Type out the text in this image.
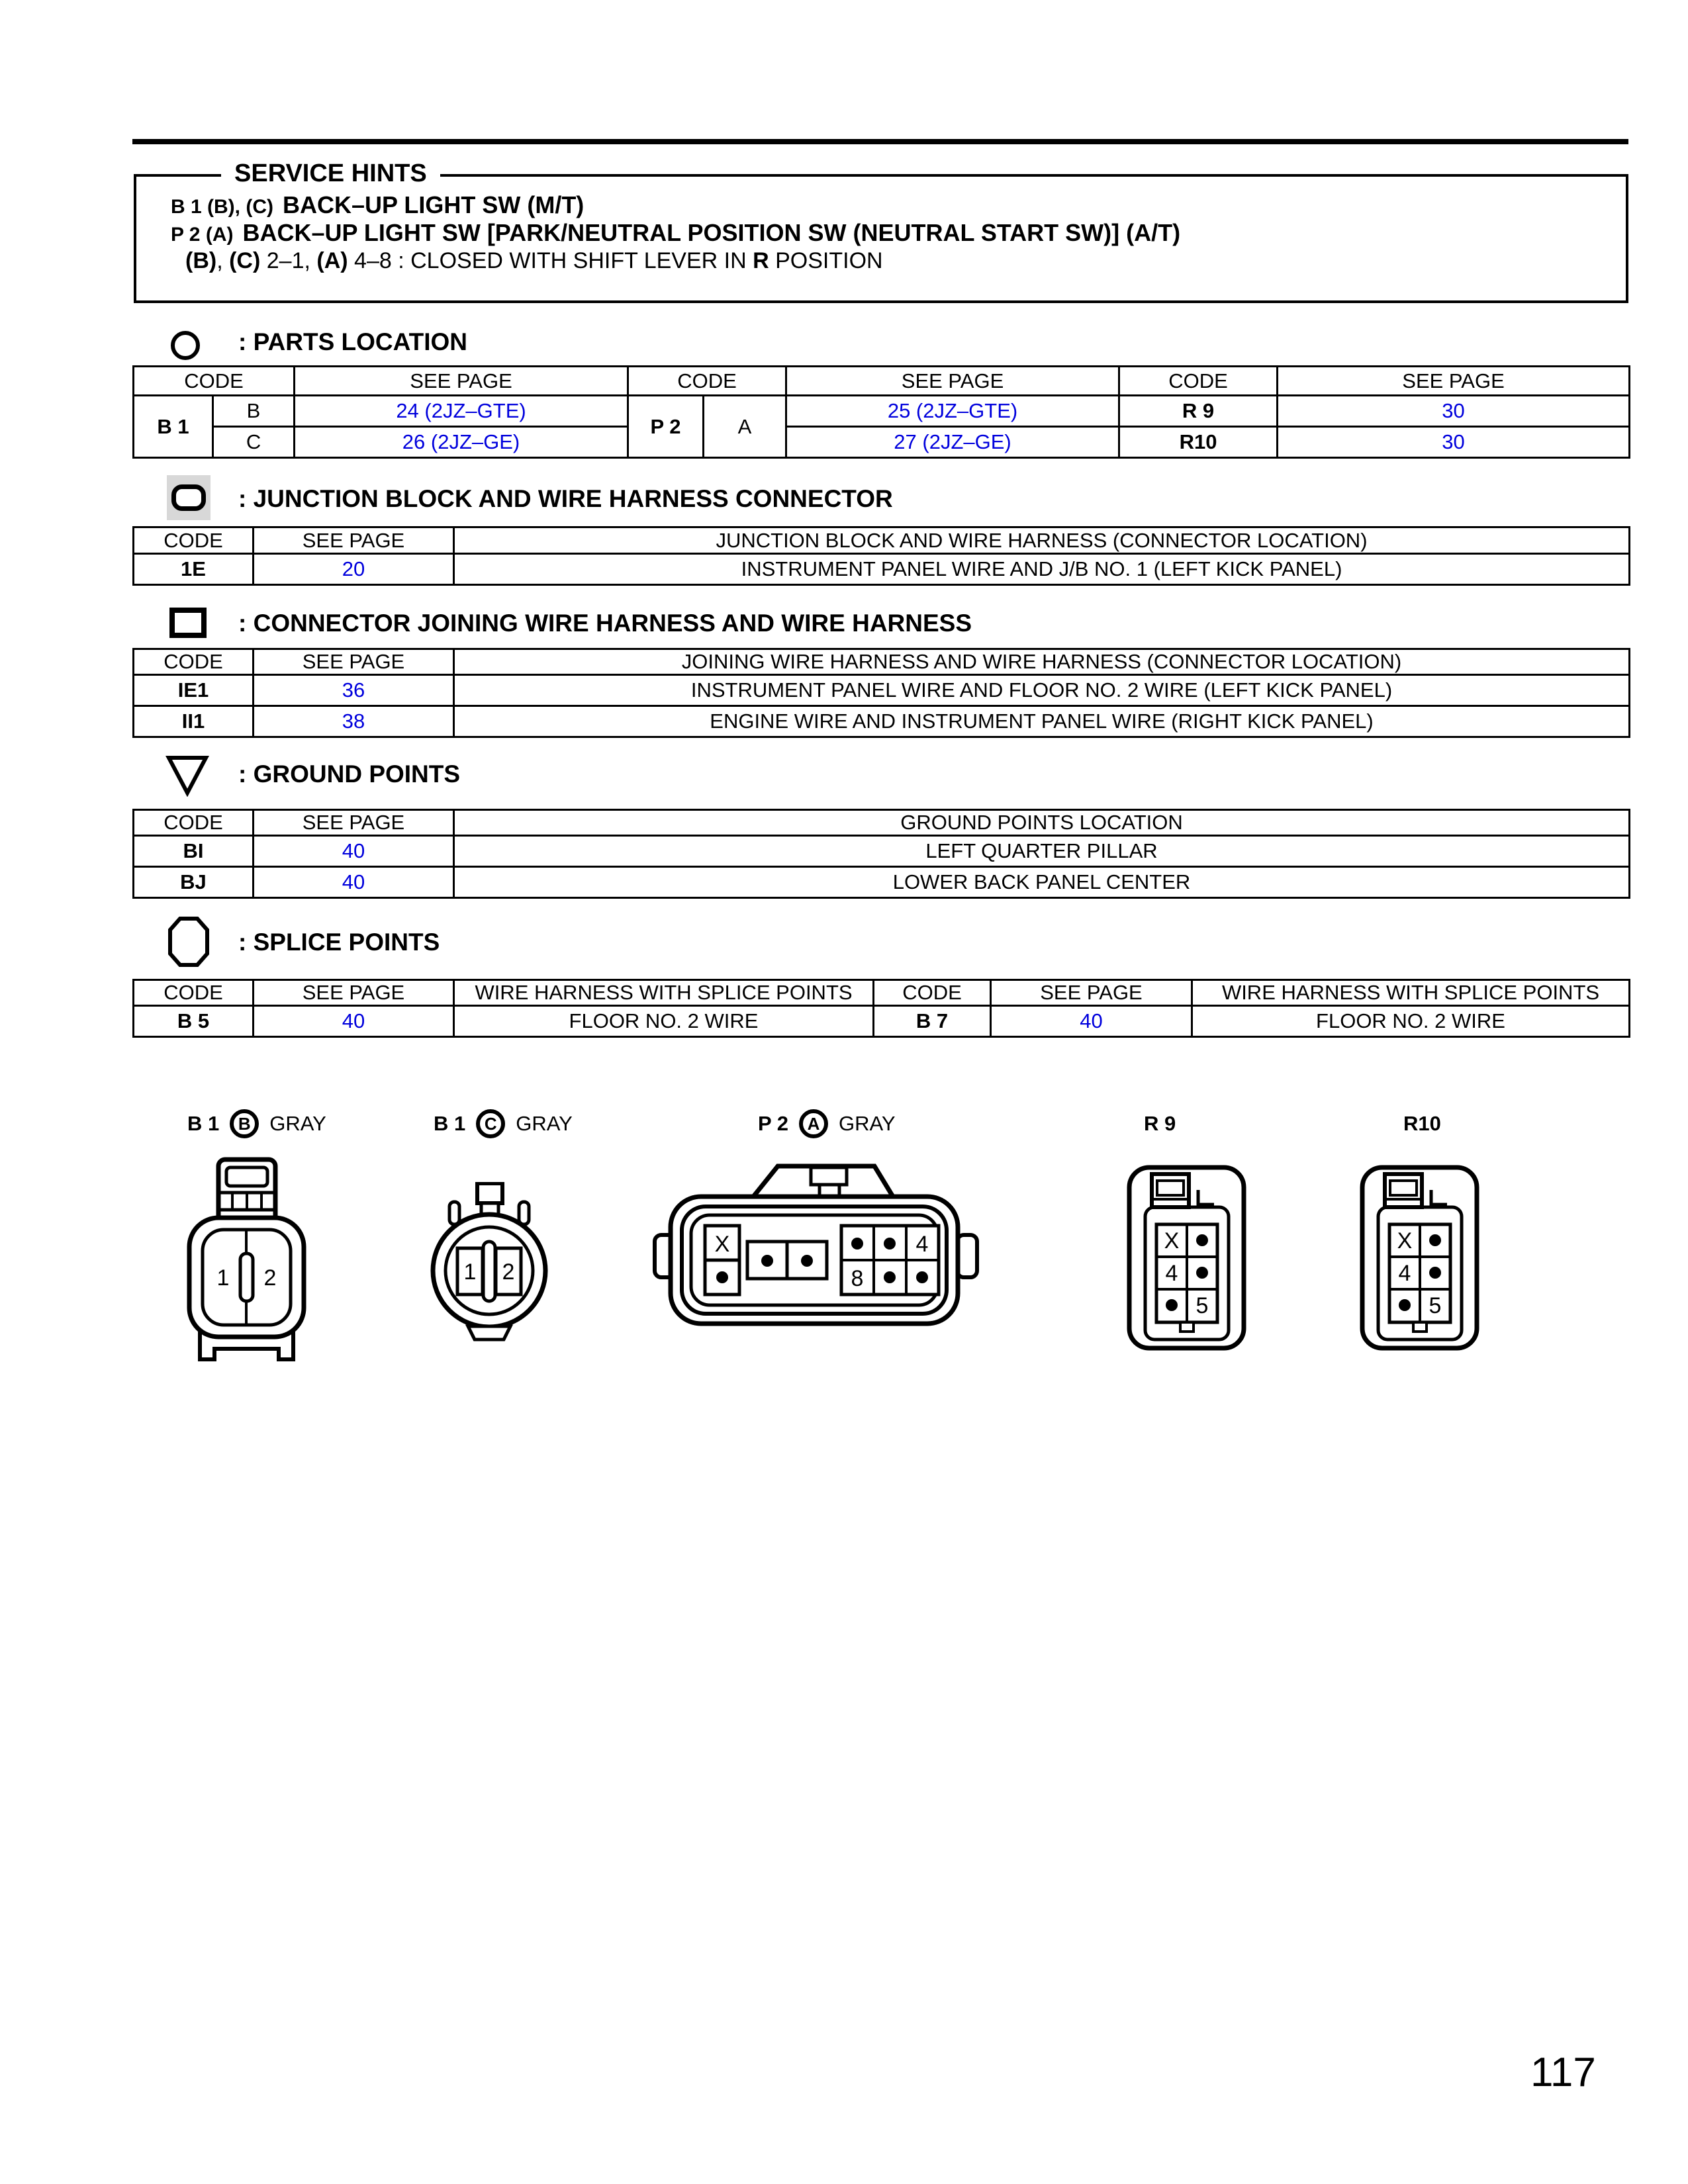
SERVICE HINTS
B 1 (B), (C) BACK–UP LIGHT SW (M/T)
P 2 (A) BACK–UP LIGHT SW [PARK/NEUTRAL POSITION SW (NEUTRAL START SW)] (A/T)
(B), (C) 2–1, (A) 4–8 : CLOSED WITH SHIFT LEVER IN R POSITION
: PARTS LOCATION
CODE		SEE PAGE	CODE		SEE PAGE	CODE	SEE PAGE
B 1	B	24 (2JZ–GTE)	P 2	A	25 (2JZ–GTE)	R 9	30
	C	26 (2JZ–GE)			27 (2JZ–GE)	R10	30
: JUNCTION BLOCK AND WIRE HARNESS CONNECTOR
CODE	SEE PAGE	JUNCTION BLOCK AND WIRE HARNESS (CONNECTOR LOCATION)
1E	20	INSTRUMENT PANEL WIRE AND J/B NO. 1 (LEFT KICK PANEL)
: CONNECTOR JOINING WIRE HARNESS AND WIRE HARNESS
CODE	SEE PAGE	JOINING WIRE HARNESS AND WIRE HARNESS (CONNECTOR LOCATION)
IE1	36	INSTRUMENT PANEL WIRE AND FLOOR NO. 2 WIRE (LEFT KICK PANEL)
II1	38	ENGINE WIRE AND INSTRUMENT PANEL WIRE (RIGHT KICK PANEL)
: GROUND POINTS
CODE	SEE PAGE	GROUND POINTS LOCATION
BI	40	LEFT QUARTER PILLAR
BJ	40	LOWER BACK PANEL CENTER
: SPLICE POINTS
CODE	SEE PAGE	WIRE HARNESS WITH SPLICE POINTS	CODE	SEE PAGE	WIRE HARNESS WITH SPLICE POINTS
B 5	40	FLOOR NO. 2 WIRE	B 7	40	FLOOR NO. 2 WIRE
B 1	B GRAY
1 2
B 1	C GRAY
1 2
P 2	A GRAY
X	4
8
R 9
X
4
5
R10
X
4
5
117
